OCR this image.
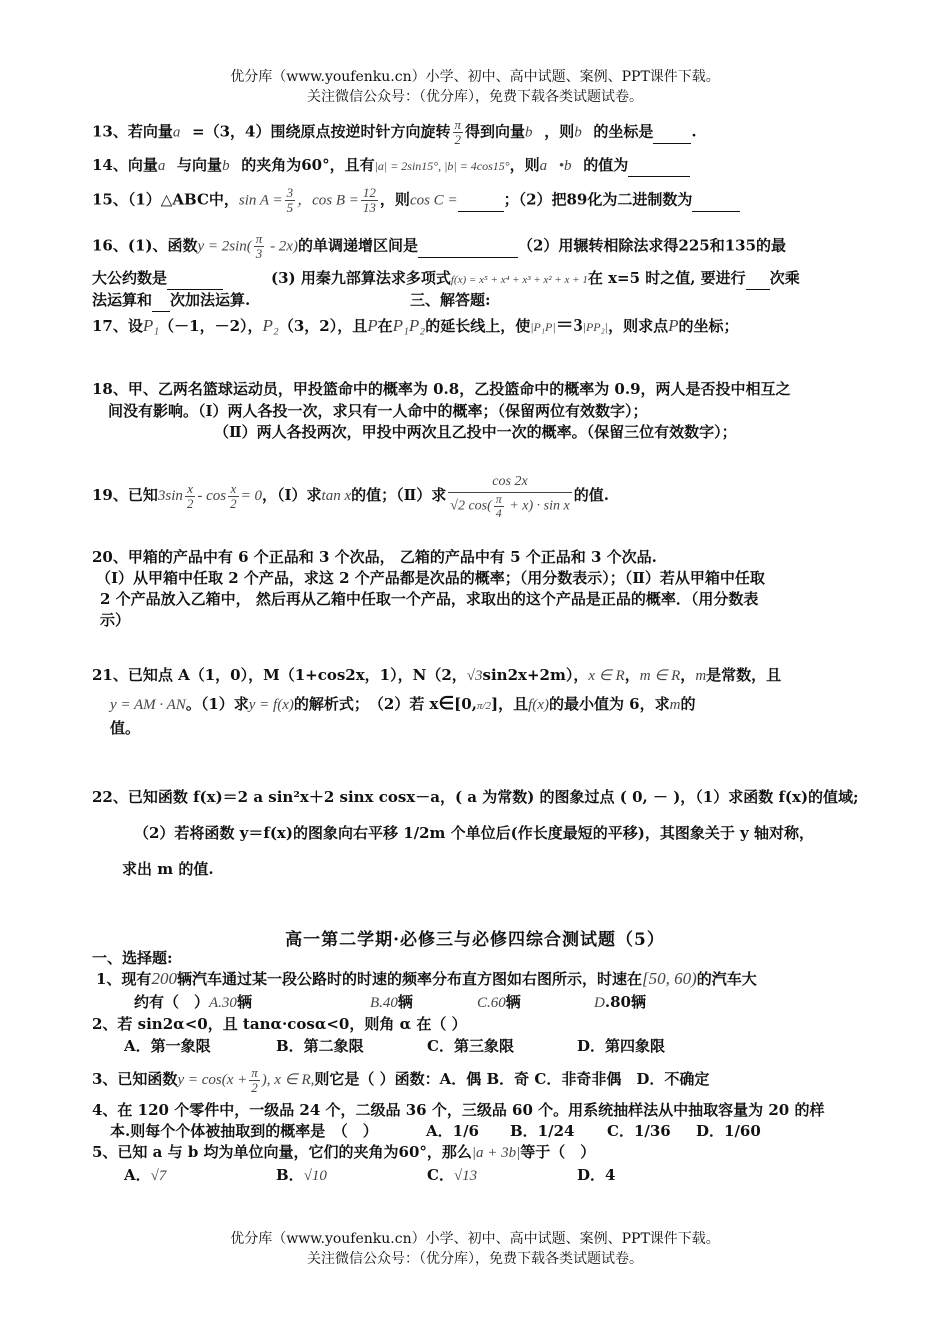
优分库（www.youfenku.cn）小学、初中、高中试题、案例、PPT课件下载。
关注微信公众号：（优分库），免费下载各类试题试卷。
13、若向量a⃗=（3，4）围绕原点按逆时针方向旋转 $\frac{\pi}{2}$ 得到向量b⃗，则b⃗的坐标是	.
14、向量a⃗与向量b⃗的夹角为60°，且有|a| = 2sin15°, |b| = 4cos15°，则a⃗•b⃗的值为
15、（1）△ABC中，$\sin A = \frac{3}{5}$ ，$\cos B = \frac{12}{13}$ ，则cos C =	；（2）把89化为二进制数为
16、(1)、函数$y = 2\sin( \frac{\pi}{3} - 2x)$的单调递增区间是	（2）用辗转相除法求得225和135的最
大公约数是	(3) 用秦九部算法求多项式f(x) = x⁵ + x⁴ + x³ + x² + x + 1在 x=5 时之值, 要进行 次乘
法运算和 次加法运算.	三、解答题:
17、设P₁（－1，－2），P₂（3，2），且P在P₁P₂的延长线上，使|P₁P|＝3|PP₂|，则求点P的坐标；
18、甲、乙两名篮球运动员，甲投篮命中的概率为 0.8，乙投篮命中的概率为 0.9，两人是否投中相互之
间没有影响。（Ⅰ）两人各投一次，求只有一人命中的概率；（保留两位有效数字）；
（Ⅱ）两人各投两次，甲投中两次且乙投中一次的概率。（保留三位有效数字）；
19、已知$3\sin \frac{x}{2} - \cos \frac{x}{2} = 0$，（Ⅰ）求tan x的值；（Ⅱ）求 $\frac{\cos 2x}{√2 \cos( \frac{\pi}{4} + x) \cdot \sin x}$ 的值.
20、甲箱的产品中有 6 个正品和 3 个次品， 乙箱的产品中有 5 个正品和 3 个次品.
（Ⅰ）从甲箱中任取 2 个产品，求这 2 个产品都是次品的概率；（用分数表示）；（Ⅱ）若从甲箱中任取
2 个产品放入乙箱中， 然后再从乙箱中任取一个产品，求取出的这个产品是正品的概率．（用分数表
示）
21、已知点 A（1，0），M（1+cos2x，1），N（2，√3sin2x+2m），x ∈ R，m ∈ R，m是常数，且
y = AM · AN。（1）求y = f(x)的解析式；　（2）若 x∈[0,π/2]，且f(x)的最小值为 6，求m的
值。
22、已知函数 f(x)＝2 a sin²x＋2 sinx cosx－a，( a 为常数) 的图象过点 ( 0, － )，（1）求函数 f(x)的值域;
（2）若将函数 y＝f(x)的图象向右平移 1/2m 个单位后(作长度最短的平移)，其图象关于 y 轴对称，
求出 m 的值.
高一第二学期·必修三与必修四综合测试题（5）
一、选择题:
1、现有200辆汽车通过某一段公路时的时速的频率分布直方图如右图所示，时速在[50, 60)的汽车大
约有（　）A.30辆	B.40辆	C.60辆	D.80辆
2、若 sin2α<0，且 tanα·cosα<0，则角 α 在（ ）
A．第一象限	B．第二象限	C．第三象限	D．第四象限
3、已知函数$y = \cos(x + \frac{\pi}{2}$ ), x ∈ R,则它是（ ）函数：A．偶 B．奇 C．非奇非偶　D．不确定
4、在 120 个零件中，一级品 24 个，二级品 36 个，三级品 60 个。用系统抽样法从中抽取容量为 20 的样
本.则每个个体被抽取到的概率是　（　）	A．1/6	B．1/24	C．1/36	D．1/60
5、已知 a 与 b 均为单位向量，它们的夹角为60°，那么|a + 3b|等于（　）
A．√7	B．√10	C．√13	D．4
优分库（www.youfenku.cn）小学、初中、高中试题、案例、PPT课件下载。
关注微信公众号：（优分库），免费下载各类试题试卷。
